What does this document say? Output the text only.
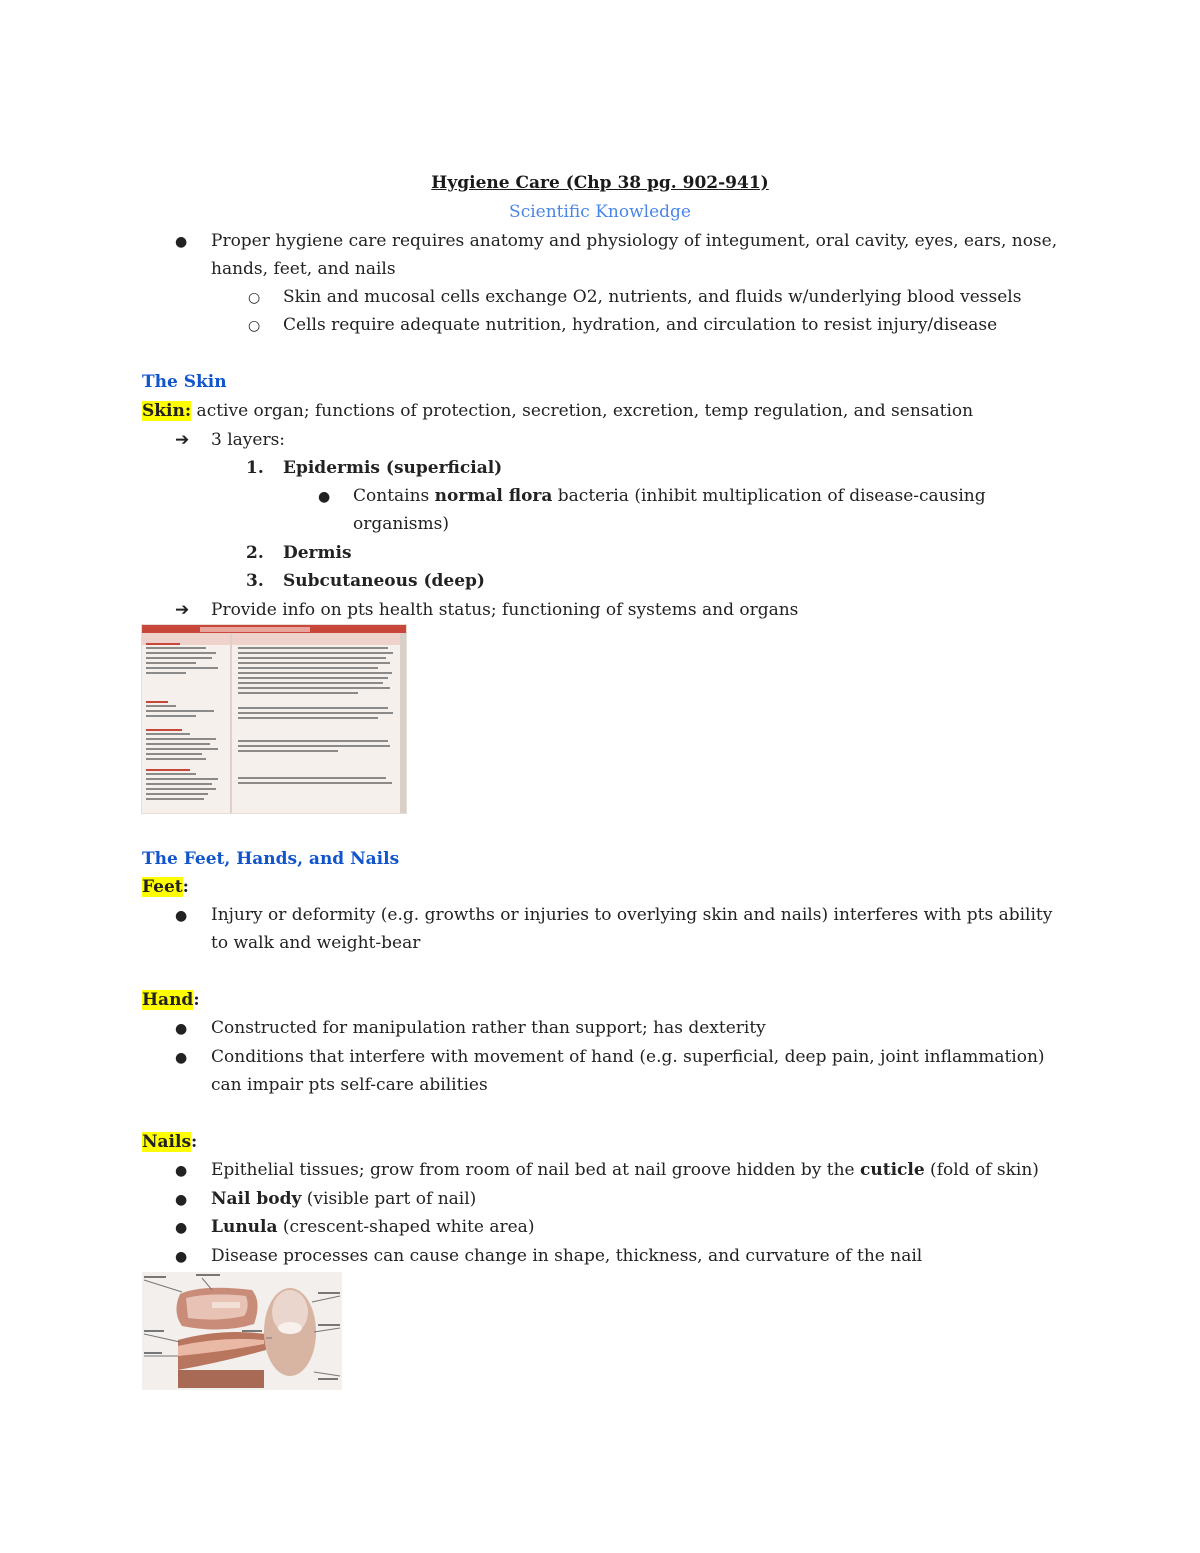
Hygiene Care (Chp 38 pg. 902-941)
Scientific Knowledge
● Proper hygiene care requires anatomy and physiology of integument, oral cavity, eyes, ears, nose,
hands, feet, and nails
○ Skin and mucosal cells exchange O2, nutrients, and fluids w/underlying blood vessels
○ Cells require adequate nutrition, hydration, and circulation to resist injury/disease
The Skin
Skin: active organ; functions of protection, secretion, excretion, temp regulation, and sensation
➔ 3 layers:
1. Epidermis (superficial)
● Contains normal flora bacteria (inhibit multiplication of disease-causing
organisms)
2. Dermis
3. Subcutaneous (deep)
➔ Provide info on pts health status; functioning of systems and organs
The Feet, Hands, and Nails
Feet:
● Injury or deformity (e.g. growths or injuries to overlying skin and nails) interferes with pts ability
to walk and weight-bear
Hand:
● Constructed for manipulation rather than support; has dexterity
● Conditions that interfere with movement of hand (e.g. superficial, deep pain, joint inflammation)
can impair pts self-care abilities
Nails:
● Epithelial tissues; grow from room of nail bed at nail groove hidden by the cuticle (fold of skin)
● Nail body (visible part of nail)
● Lunula (crescent-shaped white area)
● Disease processes can cause change in shape, thickness, and curvature of the nail
